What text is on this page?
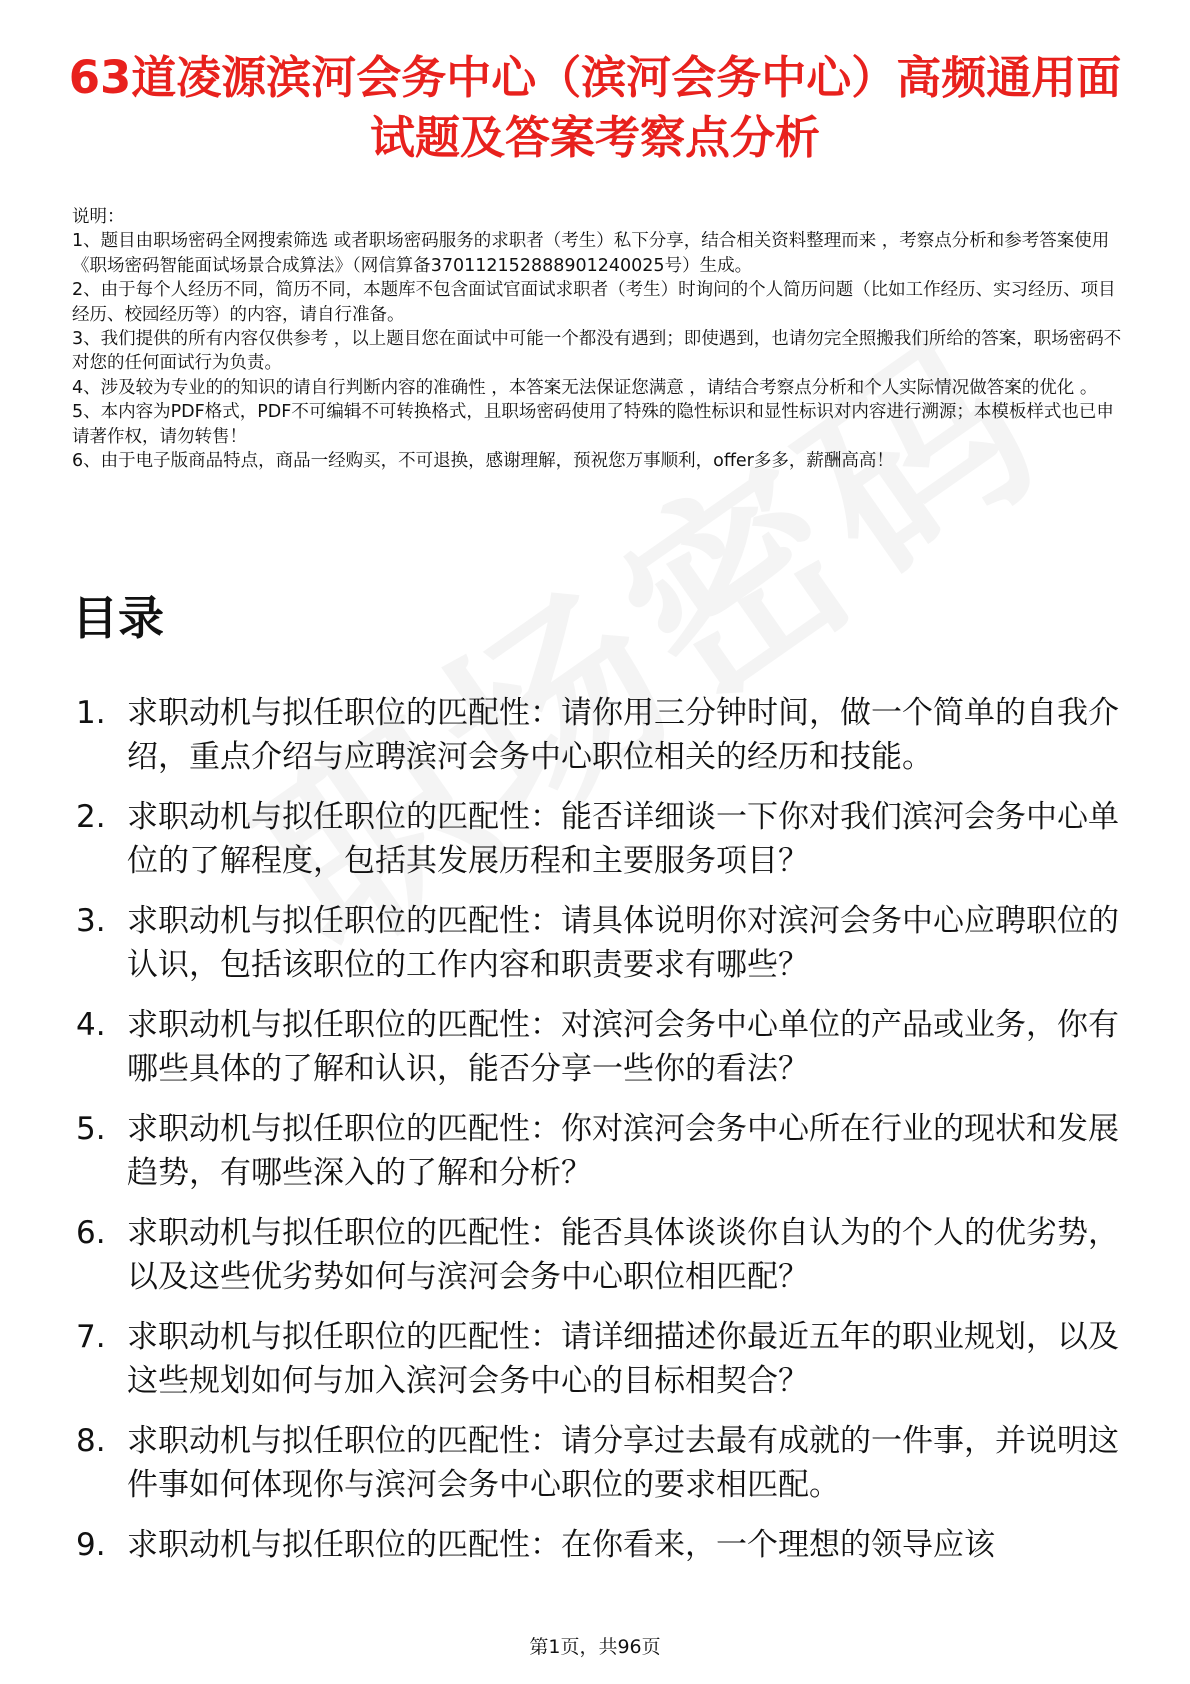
63道凌源滨河会务中心（滨河会务中心）高频通用面试题及答案考察点分析

说明：

1、题目由职场密码全网搜索筛选 或者职场密码服务的求职者（考生）私下分享，结合相关资料整理而来 ，考察点分析和参考答案使用《职场密码智能面试场景合成算法》（网信算备370112152888901240025号）生成。

2、由于每个人经历不同，简历不同，本题库不包含面试官面试求职者（考生）时询问的个人简历问题（比如工作经历、实习经历、项目经历、校园经历等）的内容，请自行准备。

3、我们提供的所有内容仅供参考 ，以上题目您在面试中可能一个都没有遇到；即使遇到，也请勿完全照搬我们所给的答案，职场密码不对您的任何面试行为负责。

4、涉及较为专业的的知识的请自行判断内容的准确性 ，本答案无法保证您满意 ，请结合考察点分析和个人实际情况做答案的优化 。

5、本内容为PDF格式，PDF不可编辑不可转换格式，且职场密码使用了特殊的隐性标识和显性标识对内容进行溯源；本模板样式也已申请著作权，请勿转售！

6、由于电子版商品特点，商品一经购买，不可退换，感谢理解，预祝您万事顺利，offer多多，薪酬高高！

目录
1. 求职动机与拟任职位的匹配性：请你用三分钟时间，做一个简单的自我介绍，重点介绍与应聘滨河会务中心职位相关的经历和技能。
2. 求职动机与拟任职位的匹配性：能否详细谈一下你对我们滨河会务中心单位的了解程度，包括其发展历程和主要服务项目？
3. 求职动机与拟任职位的匹配性：请具体说明你对滨河会务中心应聘职位的认识，包括该职位的工作内容和职责要求有哪些？
4. 求职动机与拟任职位的匹配性：对滨河会务中心单位的产品或业务，你有哪些具体的了解和认识，能否分享一些你的看法？
5. 求职动机与拟任职位的匹配性：你对滨河会务中心所在行业的现状和发展趋势，有哪些深入的了解和分析？
6. 求职动机与拟任职位的匹配性：能否具体谈谈你自认为的个人的优劣势，以及这些优劣势如何与滨河会务中心职位相匹配？
7. 求职动机与拟任职位的匹配性：请详细描述你最近五年的职业规划，以及这些规划如何与加入滨河会务中心的目标相契合？
8. 求职动机与拟任职位的匹配性：请分享过去最有成就的一件事，并说明这件事如何体现你与滨河会务中心职位的要求相匹配。
9. 求职动机与拟任职位的匹配性：在你看来，一个理想的领导应该
第1页，共96页
